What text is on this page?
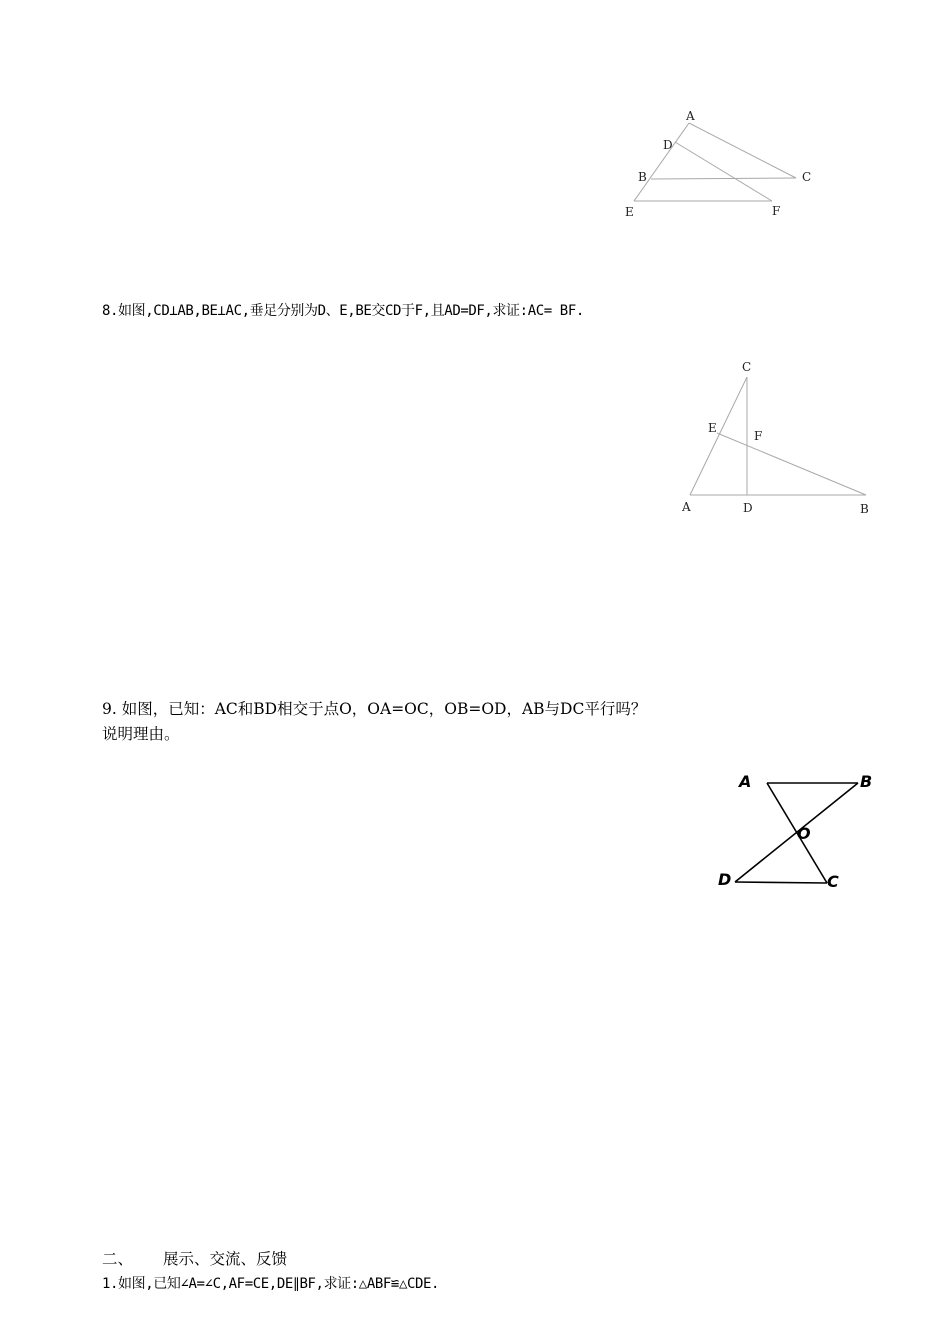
A
D
B	C
E	F
8.如图,CD⊥AB,BE⊥AC,垂足分别为D、E,BE交CD于F,且AD=DF,求证:AC= BF.
C
E
F
A	D	B
9. 如图，已知：AC和BD相交于点O，OA=OC，OB=OD，AB与DC平行吗？
说明理由。
A	B
O
D	C
二、 展示、交流、反馈
1.如图,已知∠A=∠C,AF=CE,DE∥BF,求证:△ABF≌△CDE.
